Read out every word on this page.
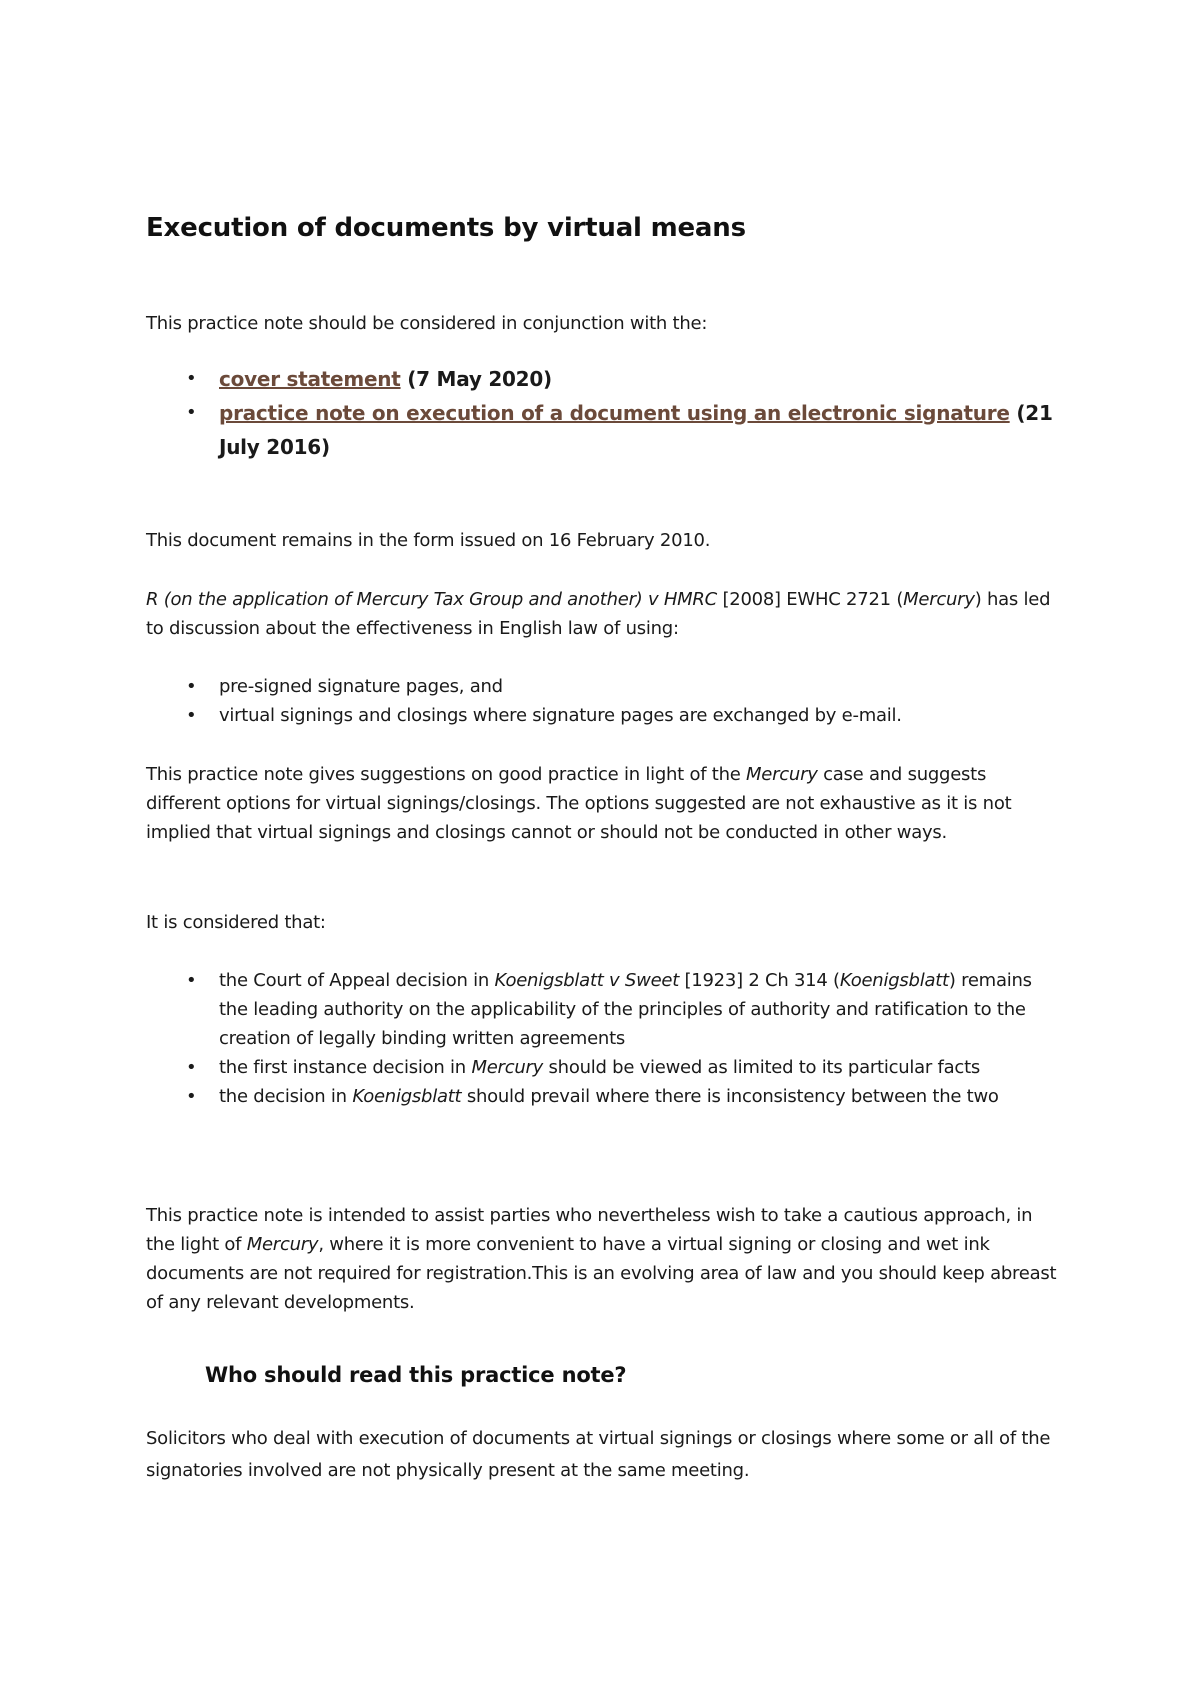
Execution of documents by virtual means

This practice note should be considered in conjunction with the:

• cover statement (7 May 2020)
• practice note on execution of a document using an electronic signature (21 July 2016)

This document remains in the form issued on 16 February 2010.

R (on the application of Mercury Tax Group and another) v HMRC [2008] EWHC 2721 (Mercury) has led to discussion about the effectiveness in English law of using:

• pre-signed signature pages, and
• virtual signings and closings where signature pages are exchanged by e-mail.

This practice note gives suggestions on good practice in light of the Mercury case and suggests different options for virtual signings/closings. The options suggested are not exhaustive as it is not implied that virtual signings and closings cannot or should not be conducted in other ways.

It is considered that:

• the Court of Appeal decision in Koenigsblatt v Sweet [1923] 2 Ch 314 (Koenigsblatt) remains the leading authority on the applicability of the principles of authority and ratification to the creation of legally binding written agreements
• the first instance decision in Mercury should be viewed as limited to its particular facts
• the decision in Koenigsblatt should prevail where there is inconsistency between the two

This practice note is intended to assist parties who nevertheless wish to take a cautious approach, in the light of Mercury, where it is more convenient to have a virtual signing or closing and wet ink documents are not required for registration.This is an evolving area of law and you should keep abreast of any relevant developments.

Who should read this practice note?

Solicitors who deal with execution of documents at virtual signings or closings where some or all of the signatories involved are not physically present at the same meeting.
